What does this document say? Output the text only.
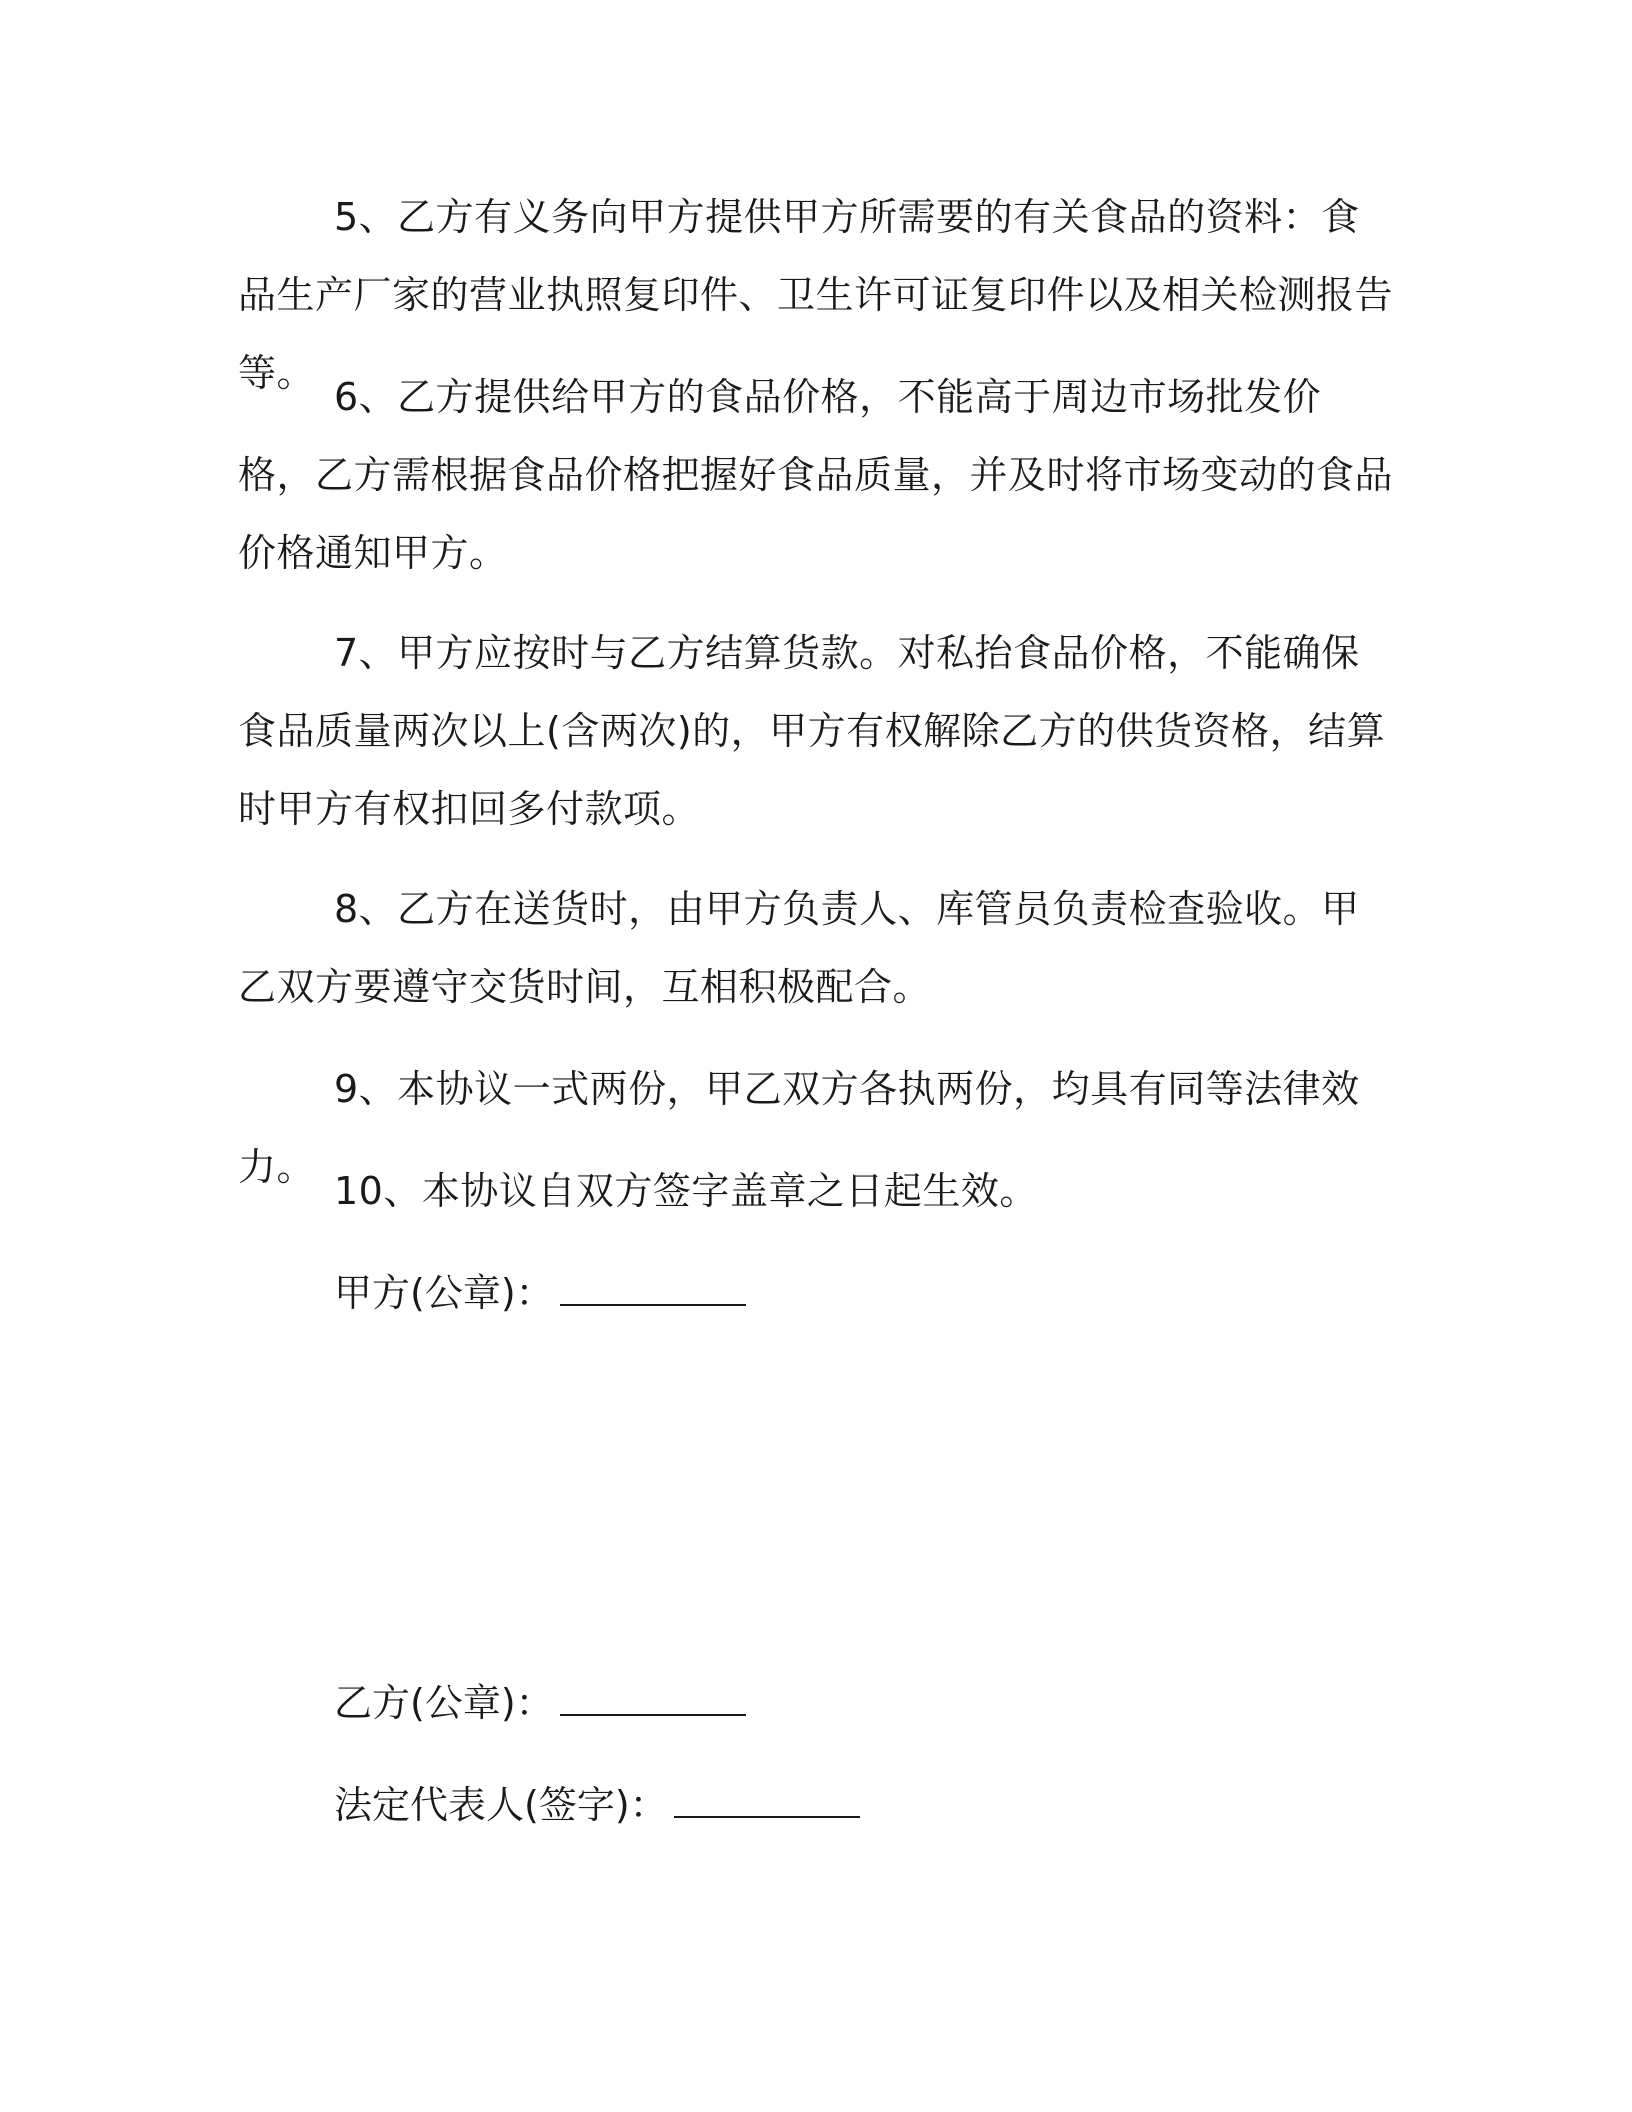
5、乙方有义务向甲方提供甲方所需要的有关食品的资料：食品生产厂家的营业执照复印件、卫生许可证复印件以及相关检测报告等。

6、乙方提供给甲方的食品价格，不能高于周边市场批发价格，乙方需根据食品价格把握好食品质量，并及时将市场变动的食品价格通知甲方。

7、甲方应按时与乙方结算货款。对私抬食品价格，不能确保食品质量两次以上(含两次)的，甲方有权解除乙方的供货资格，结算时甲方有权扣回多付款项。

8、乙方在送货时，由甲方负责人、库管员负责检查验收。甲乙双方要遵守交货时间，互相积极配合。

9、本协议一式两份，甲乙双方各执两份，均具有同等法律效力。

10、本协议自双方签字盖章之日起生效。

甲方(公章)：

乙方(公章)：

法定代表人(签字)：
